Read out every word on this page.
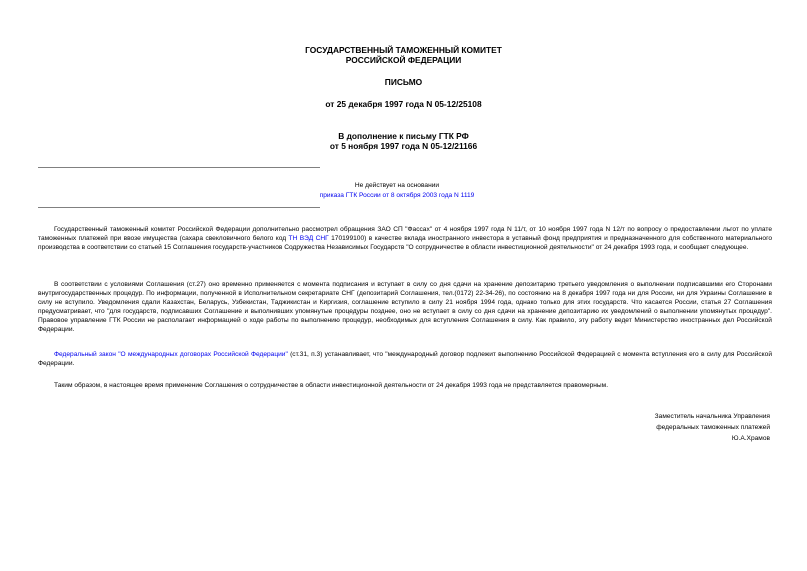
ГОСУДАРСТВЕННЫЙ ТАМОЖЕННЫЙ КОМИТЕТ
РОССИЙСКОЙ ФЕДЕРАЦИИ
ПИСЬМО
от 25 декабря 1997 года N 05-12/25108
В дополнение к письму ГТК РФ
от 5 ноября 1997 года N 05-12/21166
Не действует на основании
приказа ГТК России от 8 октября 2003 года N 1119
Государственный таможенный комитет Российской Федерации дополнительно рассмотрел обращения ЗАО СП "Фассах" от 4 ноября 1997 года N 11/т, от 10 ноября 1997 года N 12/т по вопросу о предоставлении льгот по уплате таможенных платежей при ввозе имущества (сахара свекловичного белого код ТН ВЭД СНГ 170199100) в качестве вклада иностранного инвестора в уставный фонд предприятия и предназначенного для собственного материального производства в соответствии со статьей 15 Соглашения государств-участников Содружества Независимых Государств "О сотрудничестве в области инвестиционной деятельности" от 24 декабря 1993 года, и сообщает следующее.
В соответствии с условиями Соглашения (ст.27) оно временно применяется с момента подписания и вступает в силу со дня сдачи на хранение депозитарию третьего уведомления о выполнении подписавшими его Сторонами внутригосударственных процедур. По информации, полученной в Исполнительном секретариате СНГ (депозитарий Соглашения, тел.(0172) 22-34-26), по состоянию на 8 декабря 1997 года ни для России, ни для Украины Соглашение в силу не вступило. Уведомления сдали Казахстан, Беларусь, Узбекистан, Таджикистан и Киргизия, соглашение вступило в силу 21 ноября 1994 года, однако только для этих государств. Что касается России, статья 27 Соглашения предусматривает, что "для государств, подписавших Соглашение и выполнивших упомянутые процедуры позднее, оно не вступает в силу со дня сдачи на хранение депозитарию их уведомлений о выполнении упомянутых процедур". Правовое управление ГТК России не располагает информацией о ходе работы по выполнению процедур, необходимых для вступления Соглашения в силу. Как правило, эту работу ведет Министерство иностранных дел Российской Федерации.
Федеральный закон "О международных договорах Российской Федерации" (ст.31, п.3) устанавливает, что "международный договор подлежит выполнению Российской Федерацией с момента вступления его в силу для Российской Федерации.
Таким образом, в настоящее время применение Соглашения о сотрудничестве в области инвестиционной деятельности от 24 декабря 1993 года не представляется правомерным.
Заместитель начальника Управления
федеральных таможенных платежей
Ю.А.Храмов
